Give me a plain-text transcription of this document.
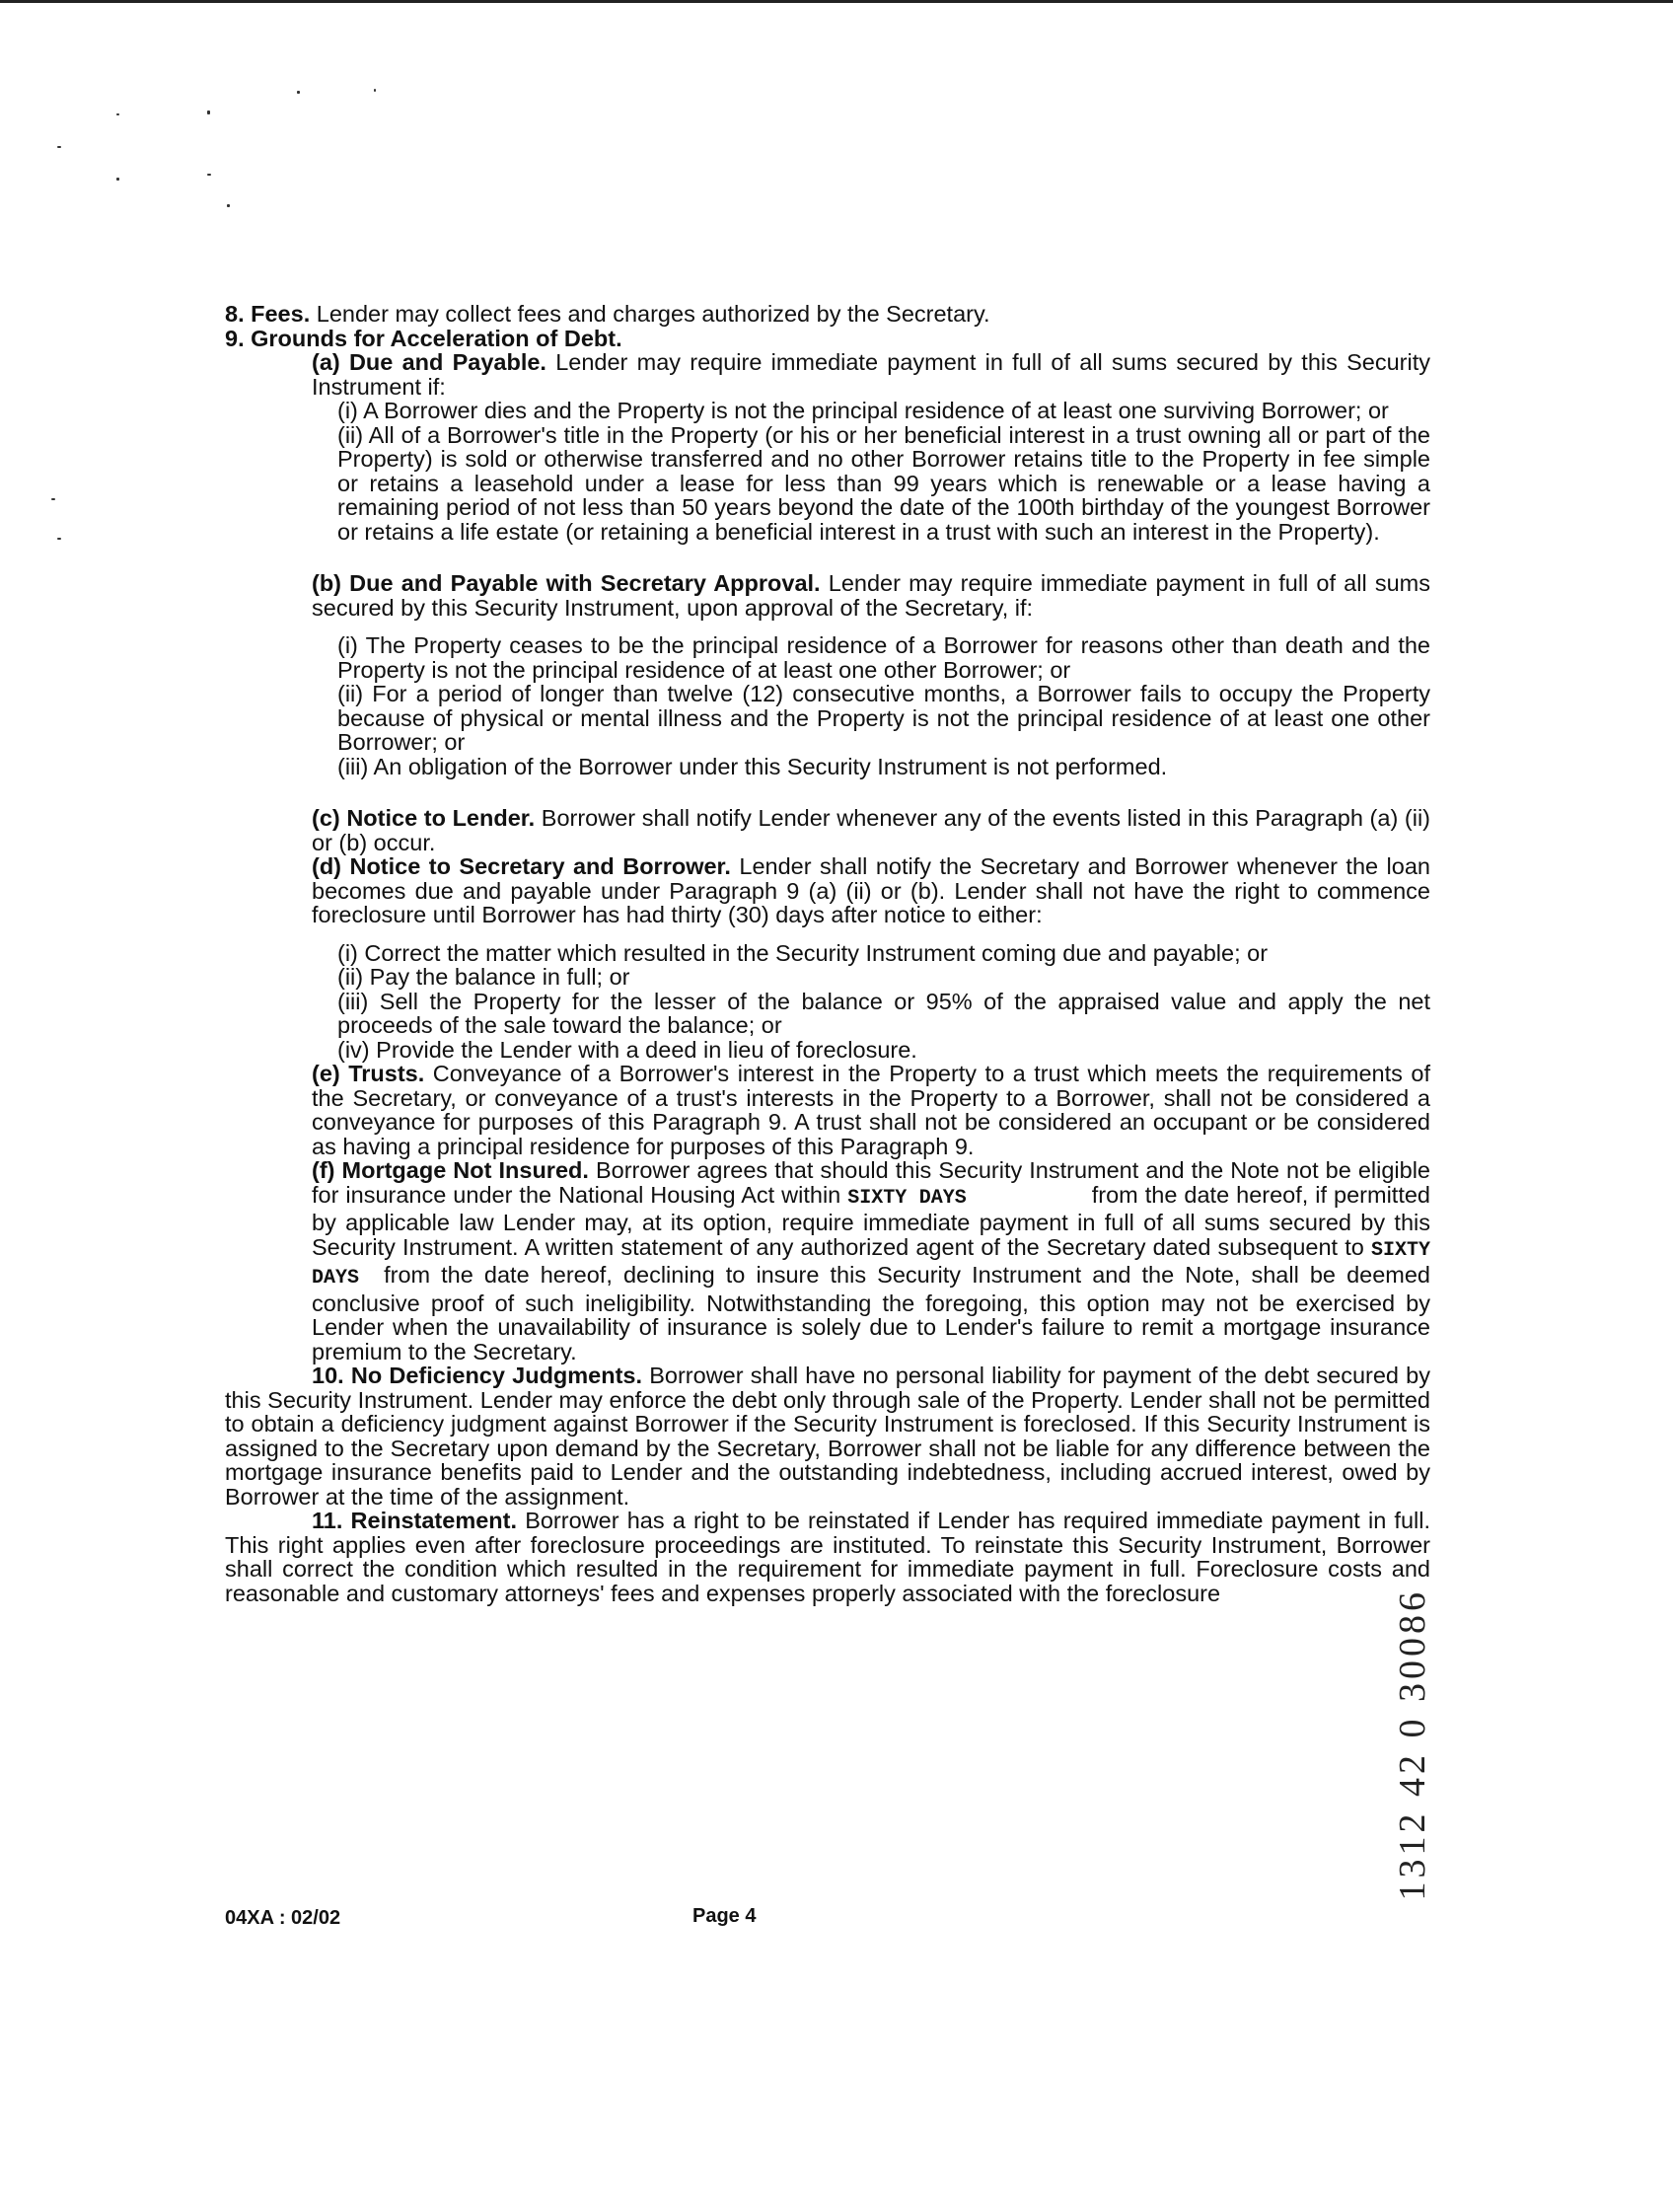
8. Fees. Lender may collect fees and charges authorized by the Secretary.

9. Grounds for Acceleration of Debt.

(a) Due and Payable. Lender may require immediate payment in full of all sums secured by this Security Instrument if:

(i) A Borrower dies and the Property is not the principal residence of at least one surviving Borrower; or

(ii) All of a Borrower's title in the Property (or his or her beneficial interest in a trust owning all or part of the Property) is sold or otherwise transferred and no other Borrower retains title to the Property in fee simple or retains a leasehold under a lease for less than 99 years which is renewable or a lease having a remaining period of not less than 50 years beyond the date of the 100th birthday of the youngest Borrower or retains a life estate (or retaining a beneficial interest in a trust with such an interest in the Property).

(b) Due and Payable with Secretary Approval. Lender may require immediate payment in full of all sums secured by this Security Instrument, upon approval of the Secretary, if:

(i) The Property ceases to be the principal residence of a Borrower for reasons other than death and the Property is not the principal residence of at least one other Borrower; or

(ii) For a period of longer than twelve (12) consecutive months, a Borrower fails to occupy the Property because of physical or mental illness and the Property is not the principal residence of at least one other Borrower; or

(iii) An obligation of the Borrower under this Security Instrument is not performed.

(c) Notice to Lender. Borrower shall notify Lender whenever any of the events listed in this Paragraph (a) (ii) or (b) occur.

(d) Notice to Secretary and Borrower. Lender shall notify the Secretary and Borrower whenever the loan becomes due and payable under Paragraph 9 (a) (ii) or (b). Lender shall not have the right to commence foreclosure until Borrower has had thirty (30) days after notice to either:

(i) Correct the matter which resulted in the Security Instrument coming due and payable; or

(ii) Pay the balance in full; or

(iii) Sell the Property for the lesser of the balance or 95% of the appraised value and apply the net proceeds of the sale toward the balance; or

(iv) Provide the Lender with a deed in lieu of foreclosure.

(e) Trusts. Conveyance of a Borrower's interest in the Property to a trust which meets the requirements of the Secretary, or conveyance of a trust's interests in the Property to a Borrower, shall not be considered a conveyance for purposes of this Paragraph 9. A trust shall not be considered an occupant or be considered as having a principal residence for purposes of this Paragraph 9.

(f) Mortgage Not Insured. Borrower agrees that should this Security Instrument and the Note not be eligible for insurance under the National Housing Act within SIXTY DAYS	from the date hereof, if permitted by applicable law Lender may, at its option, require immediate payment in full of all sums secured by this Security Instrument. A written statement of any authorized agent of the Secretary dated subsequent to SIXTY DAYS from the date hereof, declining to insure this Security Instrument and the Note, shall be deemed conclusive proof of such ineligibility. Notwithstanding the foregoing, this option may not be exercised by Lender when the unavailability of insurance is solely due to Lender's failure to remit a mortgage insurance premium to the Secretary.

10. No Deficiency Judgments. Borrower shall have no personal liability for payment of the debt secured by this Security Instrument. Lender may enforce the debt only through sale of the Property. Lender shall not be permitted to obtain a deficiency judgment against Borrower if the Security Instrument is foreclosed. If this Security Instrument is assigned to the Secretary upon demand by the Secretary, Borrower shall not be liable for any difference between the mortgage insurance benefits paid to Lender and the outstanding indebtedness, including accrued interest, owed by Borrower at the time of the assignment.

11. Reinstatement. Borrower has a right to be reinstated if Lender has required immediate payment in full. This right applies even after foreclosure proceedings are instituted. To reinstate this Security Instrument, Borrower shall correct the condition which resulted in the requirement for immediate payment in full. Foreclosure costs and reasonable and customary attorneys' fees and expenses properly associated with the foreclosure

04XA : 02/02	Page 4
1312 42 0 30086
